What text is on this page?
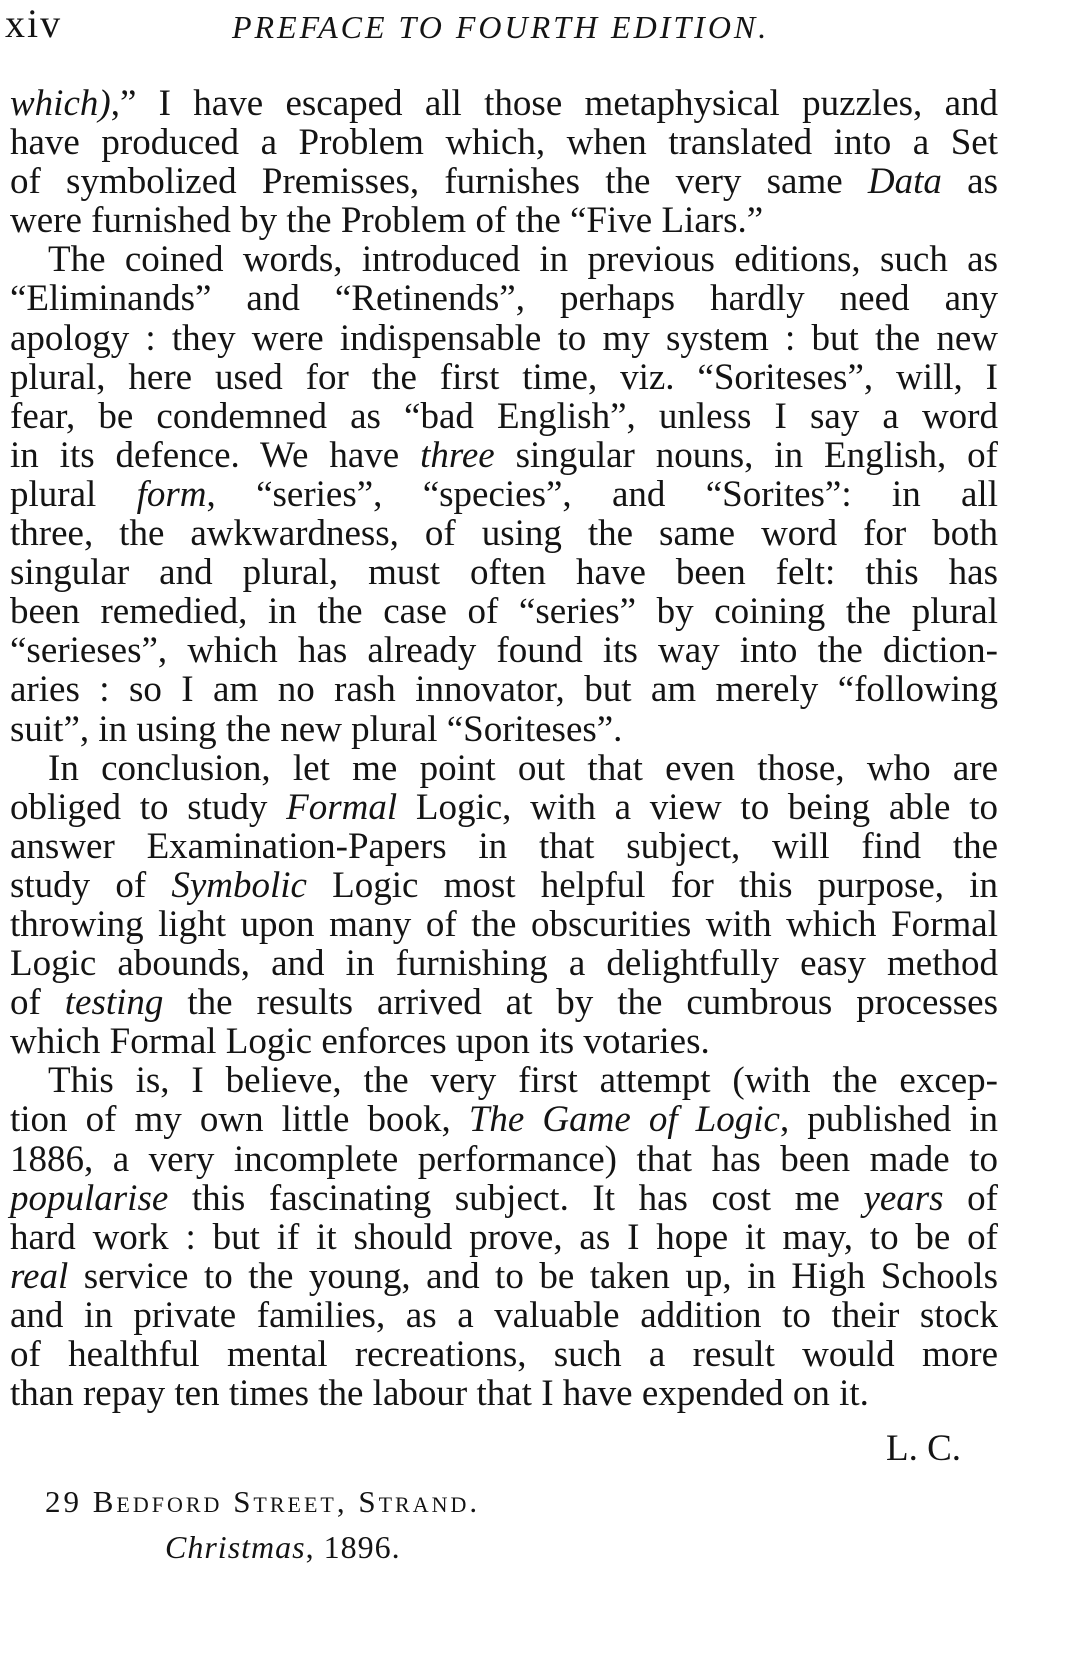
xiv	PREFACE TO FOURTH EDITION.
which),” I have escaped all those metaphysical puzzles, and
have produced a Problem which, when translated into a Set
of symbolized Premisses, furnishes the very same Data as
were furnished by the Problem of the “Five Liars.”
The coined words, introduced in previous editions, such as
“Eliminands” and “Retinends”, perhaps hardly need any
apology : they were indispensable to my system : but the new
plural, here used for the first time, viz. “Soriteses”, will, I
fear, be condemned as “bad English”, unless I say a word
in its defence. We have three singular nouns, in English, of
plural form, “series”, “species”, and “Sorites”: in all
three, the awkwardness, of using the same word for both
singular and plural, must often have been felt: this has
been remedied, in the case of “series” by coining the plural
“serieses”, which has already found its way into the diction-
aries : so I am no rash innovator, but am merely “following
suit”, in using the new plural “Soriteses”.
In conclusion, let me point out that even those, who are
obliged to study Formal Logic, with a view to being able to
answer Examination-Papers in that subject, will find the
study of Symbolic Logic most helpful for this purpose, in
throwing light upon many of the obscurities with which Formal
Logic abounds, and in furnishing a delightfully easy method
of testing the results arrived at by the cumbrous processes
which Formal Logic enforces upon its votaries.
This is, I believe, the very first attempt (with the excep-
tion of my own little book, The Game of Logic, published in
1886, a very incomplete performance) that has been made to
popularise this fascinating subject. It has cost me years of
hard work : but if it should prove, as I hope it may, to be of
real service to the young, and to be taken up, in High Schools
and in private families, as a valuable addition to their stock
of healthful mental recreations, such a result would more
than repay ten times the labour that I have expended on it.
L. C.
29 Bedford Street, Strand.
Christmas, 1896.
